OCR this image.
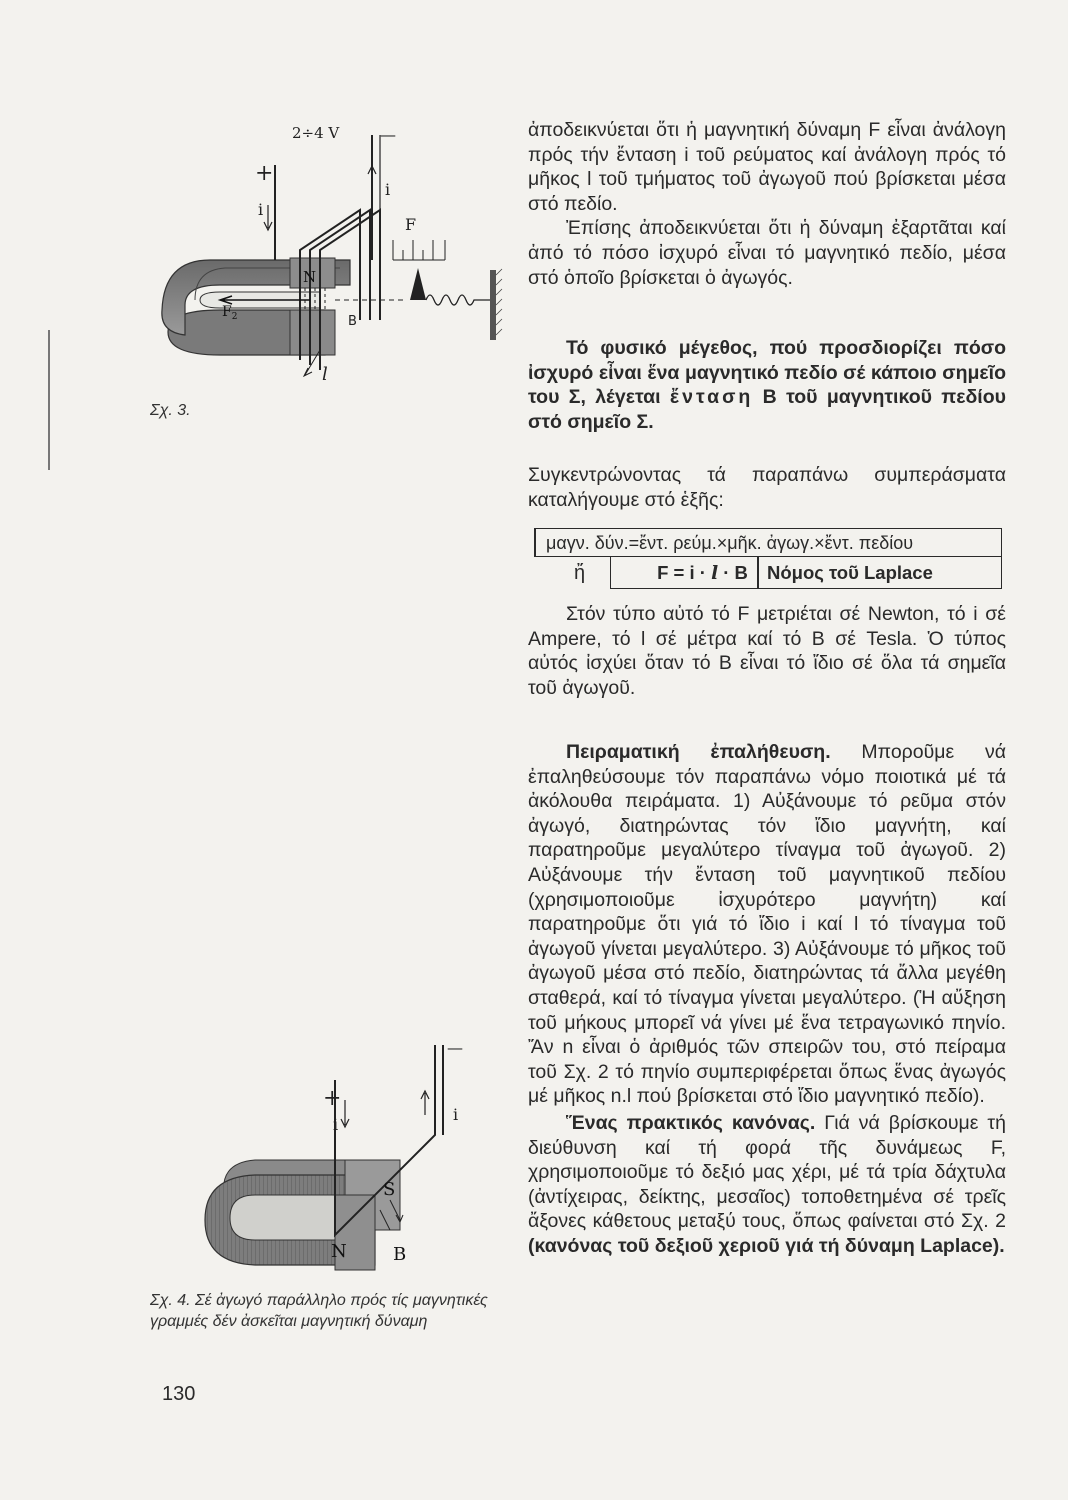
2÷4 V
+
—
i
i
F
N
B
l
$F_2$
Σχ. 3.
+
—
i
i
S
N	B
Σχ. 4. Σέ ἀγωγό παράλληλο πρός τίς μαγνητικές γραμμές δέν ἀσκεῖται μαγνητική δύναμη

ἀποδεικνύεται ὅτι ἡ μαγνητική δύναμη F εἶναι ἀνάλογη πρός τήν ἔνταση i τοῦ ρεύματος καί ἀνάλογη πρός τό μῆκος l τοῦ τμήματος τοῦ ἀγωγοῦ πού βρίσκεται μέσα στό πεδίο.

Ἐπίσης ἀποδεικνύεται ὅτι ἡ δύναμη ἐξαρτᾶται καί ἀπό τό πόσο ἰσχυρό εἶναι τό μαγνητικό πεδίο, μέσα στό ὁποῖο βρίσκεται ὁ ἀγωγός.

Τό φυσικό μέγεθος, πού προσδιορίζει πόσο ἰσχυρό εἶναι ἕνα μαγνητικό πεδίο σέ κάποιο σημεῖο του Σ, λέγεται ἔνταση B τοῦ μαγνητικοῦ πεδίου στό σημεῖο Σ.

Συγκεντρώνοντας τά παραπάνω συμπεράσματα καταλήγουμε στό ἑξῆς:

μαγν. δύν.=ἔντ. ρεύμ.×μῆκ. ἀγωγ.×ἔντ. πεδίου
ἤ	F = i · l · B	Νόμος τοῦ Laplace

Στόν τύπο αὐτό τό F μετριέται σέ Newton, τό i σέ Ampere, τό l σέ μέτρα καί τό B σέ Tesla. Ὁ τύπος αὐτός ἰσχύει ὅταν τό B εἶναι τό ἴδιο σέ ὅλα τά σημεῖα τοῦ ἀγωγοῦ.

Πειραματική ἐπαλήθευση. Μποροῦμε νά ἐπαληθεύσουμε τόν παραπάνω νόμο ποιοτικά μέ τά ἀκόλουθα πειράματα. 1) Αὐξάνουμε τό ρεῦμα στόν ἀγωγό, διατηρώντας τόν ἴδιο μαγνήτη, καί παρατηροῦμε μεγαλύτερο τίναγμα τοῦ ἀγωγοῦ. 2) Αὐξάνουμε τήν ἔνταση τοῦ μαγνητικοῦ πεδίου (χρησιμοποιοῦμε ἰσχυρότερο μαγνήτη) καί παρατηροῦμε ὅτι γιά τό ἴδιο i καί l τό τίναγμα τοῦ ἀγωγοῦ γίνεται μεγαλύτερο. 3) Αὐξάνουμε τό μῆκος τοῦ ἀγωγοῦ μέσα στό πεδίο, διατηρώντας τά ἄλλα μεγέθη σταθερά, καί τό τίναγμα γίνεται μεγαλύτερο. (Ἡ αὔξηση τοῦ μήκους μπορεῖ νά γίνει μέ ἕνα τετραγωνικό πηνίο. Ἄν n εἶναι ὁ ἀριθμός τῶν σπειρῶν του, στό πείραμα τοῦ Σχ. 2 τό πηνίο συμπεριφέρεται ὅπως ἕνας ἀγωγός μέ μῆκος n.l πού βρίσκεται στό ἴδιο μαγνητικό πεδίο).

Ἕνας πρακτικός κανόνας. Γιά νά βρίσκουμε τή διεύθυνση καί τή φορά τῆς δυνάμεως F, χρησιμοποιοῦμε τό δεξιό μας χέρι, μέ τά τρία δάχτυλα (ἀντίχειρας, δείκτης, μεσαῖος) τοποθετημένα σέ τρεῖς ἄξονες κάθετους μεταξύ τους, ὅπως φαίνεται στό Σχ. 2 (κανόνας τοῦ δεξιοῦ χεριοῦ γιά τή δύναμη Laplace).

130
